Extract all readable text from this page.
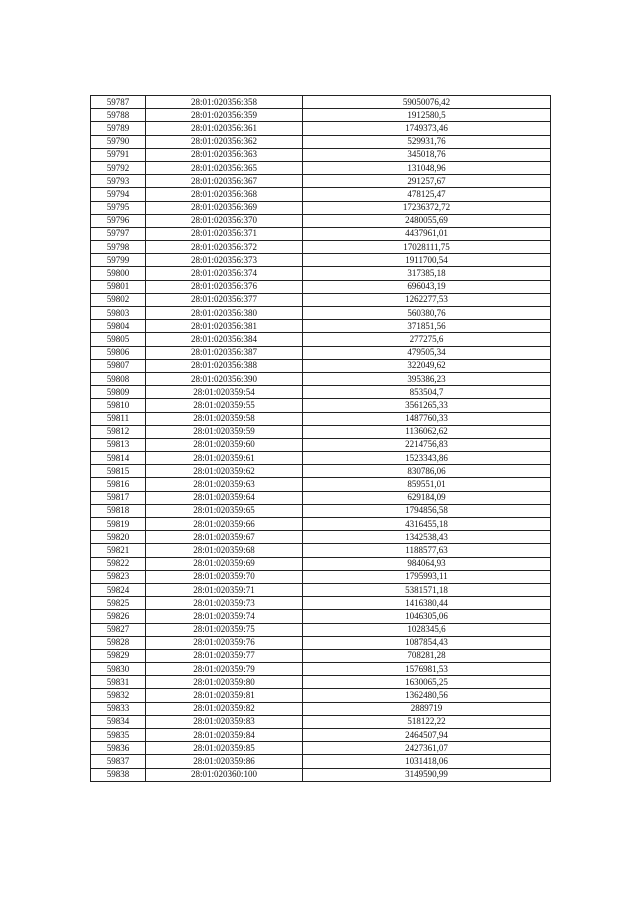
59787	28:01:020356:358	59050076,42
59788	28:01:020356:359	1912580,5
59789	28:01:020356:361	1749373,46
59790	28:01:020356:362	529931,76
59791	28:01:020356:363	345018,76
59792	28:01:020356:365	131048,96
59793	28:01:020356:367	291257,67
59794	28:01:020356:368	478125,47
59795	28:01:020356:369	17236372,72
59796	28:01:020356:370	2480055,69
59797	28:01:020356:371	4437961,01
59798	28:01:020356:372	17028111,75
59799	28:01:020356:373	1911700,54
59800	28:01:020356:374	317385,18
59801	28:01:020356:376	696043,19
59802	28:01:020356:377	1262277,53
59803	28:01:020356:380	560380,76
59804	28:01:020356:381	371851,56
59805	28:01:020356:384	277275,6
59806	28:01:020356:387	479505,34
59807	28:01:020356:388	322049,62
59808	28:01:020356:390	395386,23
59809	28:01:020359:54	853504,7
59810	28:01:020359:55	3561265,33
59811	28:01:020359:58	1487760,33
59812	28:01:020359:59	1136062,62
59813	28:01:020359:60	2214756,83
59814	28:01:020359:61	1523343,86
59815	28:01:020359:62	830786,06
59816	28:01:020359:63	859551,01
59817	28:01:020359:64	629184,09
59818	28:01:020359:65	1794856,58
59819	28:01:020359:66	4316455,18
59820	28:01:020359:67	1342538,43
59821	28:01:020359:68	1188577,63
59822	28:01:020359:69	984064,93
59823	28:01:020359:70	1795993,11
59824	28:01:020359:71	5381571,18
59825	28:01:020359:73	1416380,44
59826	28:01:020359:74	1046305,06
59827	28:01:020359:75	1028345,6
59828	28:01:020359:76	1087854,43
59829	28:01:020359:77	708281,28
59830	28:01:020359:79	1576981,53
59831	28:01:020359:80	1630065,25
59832	28:01:020359:81	1362480,56
59833	28:01:020359:82	2889719
59834	28:01:020359:83	518122,22
59835	28:01:020359:84	2464507,94
59836	28:01:020359:85	2427361,07
59837	28:01:020359:86	1031418,06
59838	28:01:020360:100	3149590,99
